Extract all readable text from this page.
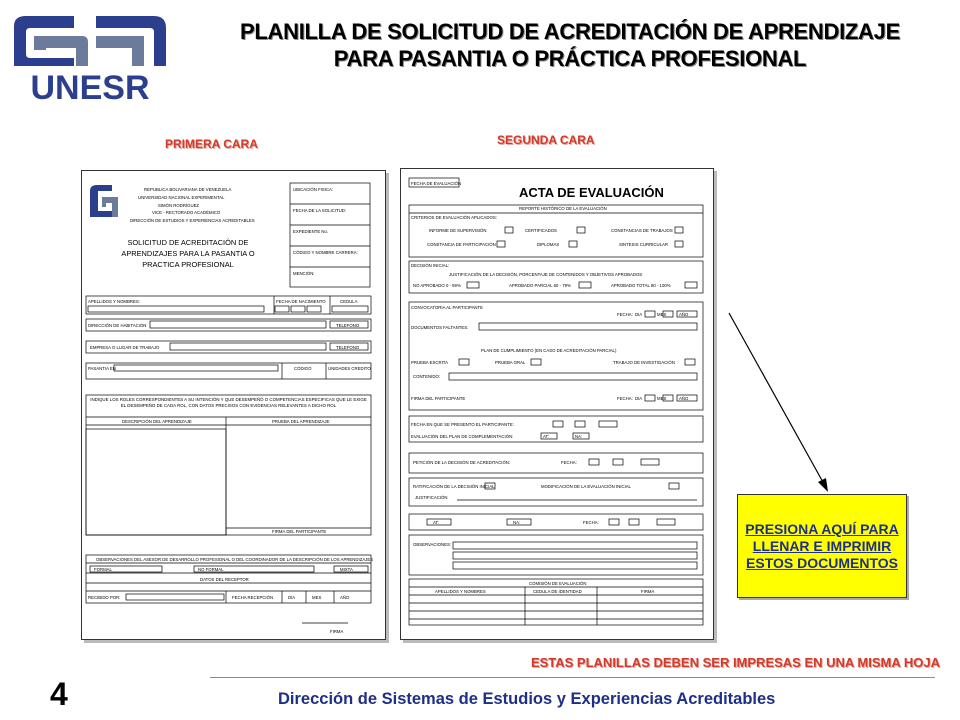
UNESR
PLANILLA DE SOLICITUD DE ACREDITACIÓN DE APRENDIZAJE PARA PASANTIA O PRÁCTICA PROFESIONAL
PRIMERA CARA	SEGUNDA CARA
REPUBLICA BOLIVARIANA DE VENEZUELA
UNIVERSIDAD NACIONAL EXPERIMENTAL
SIMÓN RODRÍGUEZ
VICE - RECTORADO ACADÉMICO
DIRECCIÓN DE ESTUDIOS Y EXPERIENCIAS ACREDITABLES
SOLICITUD DE ACREDITACIÓN DE
APRENDIZAJES PARA LA PASANTIA O
PRACTICA PROFESIONAL
UBICACIÓN FISICA:
FECHA DE LA SOLICITUD:
EXPEDIENTE No.
CÓDIGO Y NOMBRE CARRERA:
MENCIÓN:
APELLIDOS Y NOMBRES:	FECHA DE NACIMIENTO	CEDULA
DIRECCIÓN DE HABITACIÓN	TELEFONO
EMPRESA O LUGAR DE TRABAJO	TELEFONO
PASANTIA EN	CÓDIGO	UNIDADES CREDITO
INDIQUE LOS ROLES CORRESPONDIENTES A SU INTENCIÓN Y QUE DESEMPEÑÓ O COMPETENCIAS ESPECIFICAS QUE LE EXIGE EL DESEMPEÑO DE CADA ROL, CON DATOS PRECISOS CON EVIDENCIAS RELEVANTES A DICHO ROL
DESCRIPCIÓN DEL APRENDIZAJE	PRUEBA DEL APRENDIZAJE
FIRMA DEL PARTICIPANTE
OBSERVACIONES DEL ASESOR DE DESARROLLO PROFESIONAL O DEL COORDINADOR DE LA DESCRIPCIÓN DE LOS APRENDIZAJES
FORMAL	NO FORMAL	MIXTA
DATOS DEL RECEPTOR
RECIBIDO POR:	FECHA RECEPCIÓN	DÍA	MES	AÑO
FIRMA
FECHA DE EVALUACIÓN
ACTA DE EVALUACIÓN
REPORTE HISTÓRICO DE LA EVALUACIÓN
CRITERIOS DE EVALUACIÓN APLICADOS:
INFORME DE SUPERVISIÓN	CERTIFICADOS	CONSTANCIAS DE TRABAJOS
CONSTANCIA DE PARTICIPACIÓN	DIPLOMAS	SINTESIS CURRICULAR
DECISIÓN INICIAL:
JUSTIFICACIÓN DE LA DECISIÓN, PORCENTAJE DE CONTENIDOS Y OBJETIVOS APROBADOS
NO APROBADO 0 - 59%	APROBADO PARCIAL 60 - 79%	APROBADO TOTAL 80 - 100%
CONVOCATORIA AL PARTICIPANTE
FECHA: DIA	MES	AÑO
DOCUMENTOS FALTANTES:
PLAN DE CUMPLIMIENTO (EN CASO DE ACREDITACIÓN PARCIAL)
PRUEBA ESCRITA	PRUEBA ORAL	TRABAJO DE INVESTIGACIÓN
CONTENIDO:
FIRMA DEL PARTICIPANTE	FECHA: DIA	MES	AÑO
FECHA EN QUE SE PRESENTO EL PARTICIPANTE:
EVALUACIÓN DEL PLAN DE COMPLEMENTACIÓN:	AT:	NA:
PETICIÓN DE LA DECISIÓN DE ACREDITACIÓN:	FECHA:
RATIFICACIÓN DE LA DECISIÓN INICIAL	MODIFICACIÓN DE LA EVALUACIÓN INICIAL
JUSTIFICACIÓN
AT:	NA:	FECHA:
OBSERVACIONES:
COMISIÓN DE EVALUACIÓN
APELLIDOS Y NOMBRES	CEDULA DE IDENTIDAD	FIRMA
PRESIONA AQUÍ PARA LLENAR E IMPRIMIR ESTOS DOCUMENTOS
ESTAS PLANILLAS DEBEN SER IMPRESAS EN UNA MISMA HOJA
4	Dirección de Sistemas de Estudios y Experiencias Acreditables
